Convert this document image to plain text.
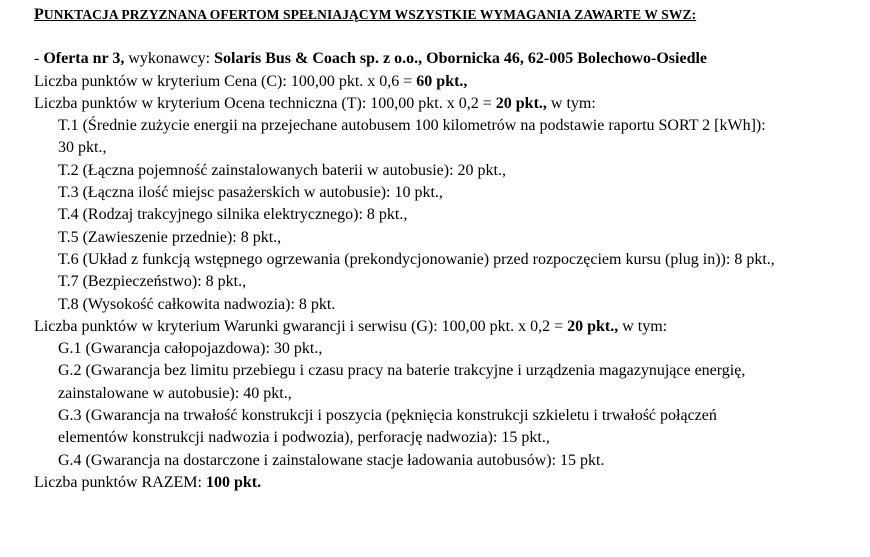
PUNKTACJA PRZYZNANA OFERTOM SPEŁNIAJĄCYM WSZYSTKIE WYMAGANIA ZAWARTE W SWZ:
- Oferta nr 3, wykonawcy: Solaris Bus & Coach sp. z o.o., Obornicka 46, 62-005 Bolechowo-Osiedle
Liczba punktów w kryterium Cena (C): 100,00 pkt. x 0,6 = 60 pkt.,
Liczba punktów w kryterium Ocena techniczna (T): 100,00 pkt. x 0,2 = 20 pkt., w tym:
T.1 (Średnie zużycie energii na przejechane autobusem 100 kilometrów na podstawie raportu SORT 2 [kWh]):
30 pkt.,
T.2 (Łączna pojemność zainstalowanych baterii w autobusie): 20 pkt.,
T.3 (Łączna ilość miejsc pasażerskich w autobusie): 10 pkt.,
T.4 (Rodzaj trakcyjnego silnika elektrycznego): 8 pkt.,
T.5 (Zawieszenie przednie): 8 pkt.,
T.6 (Układ z funkcją wstępnego ogrzewania (prekondycjonowanie) przed rozpoczęciem kursu (plug in)): 8 pkt.,
T.7 (Bezpieczeństwo): 8 pkt.,
T.8 (Wysokość całkowita nadwozia): 8 pkt.
Liczba punktów w kryterium Warunki gwarancji i serwisu (G): 100,00 pkt. x 0,2 = 20 pkt., w tym:
G.1 (Gwarancja całopojazdowa): 30 pkt.,
G.2 (Gwarancja bez limitu przebiegu i czasu pracy na baterie trakcyjne i urządzenia magazynujące energię,
zainstalowane w autobusie): 40 pkt.,
G.3 (Gwarancja na trwałość konstrukcji i poszycia (pęknięcia konstrukcji szkieletu i trwałość połączeń
elementów konstrukcji nadwozia i podwozia), perforację nadwozia): 15 pkt.,
G.4 (Gwarancja na dostarczone i zainstalowane stacje ładowania autobusów): 15 pkt.
Liczba punktów RAZEM: 100 pkt.
